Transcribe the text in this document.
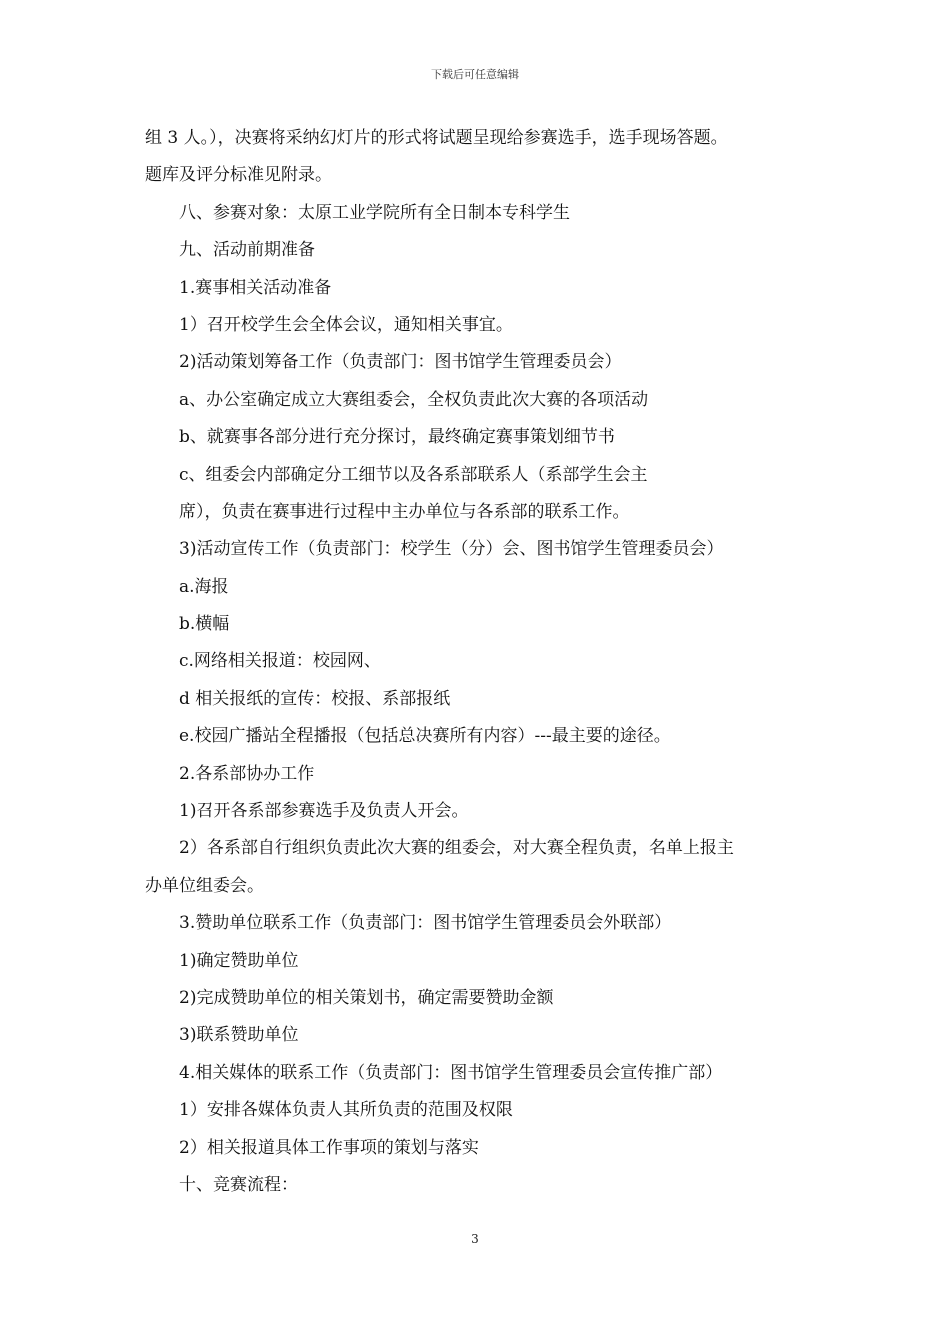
下载后可任意编辑
组 3 人。），决赛将采纳幻灯片的形式将试题呈现给参赛选手，选手现场答题。
题库及评分标准见附录。
八、参赛对象：太原工业学院所有全日制本专科学生
九、活动前期准备
1.赛事相关活动准备
1）召开校学生会全体会议，通知相关事宜。
2)活动策划筹备工作（负责部门：图书馆学生管理委员会）
a、办公室确定成立大赛组委会，全权负责此次大赛的各项活动
b、就赛事各部分进行充分探讨，最终确定赛事策划细节书
c、组委会内部确定分工细节以及各系部联系人（系部学生会主
席），负责在赛事进行过程中主办单位与各系部的联系工作。
3)活动宣传工作（负责部门：校学生（分）会、图书馆学生管理委员会）
a.海报
b.横幅
c.网络相关报道：校园网、
d 相关报纸的宣传：校报、系部报纸
e.校园广播站全程播报（包括总决赛所有内容）---最主要的途径。
2.各系部协办工作
1)召开各系部参赛选手及负责人开会。
2）各系部自行组织负责此次大赛的组委会，对大赛全程负责，名单上报主
办单位组委会。
3.赞助单位联系工作（负责部门：图书馆学生管理委员会外联部）
1)确定赞助单位
2)完成赞助单位的相关策划书，确定需要赞助金额
3)联系赞助单位
4.相关媒体的联系工作（负责部门：图书馆学生管理委员会宣传推广部）
1）安排各媒体负责人其所负责的范围及权限
2）相关报道具体工作事项的策划与落实
十、竞赛流程：
3
